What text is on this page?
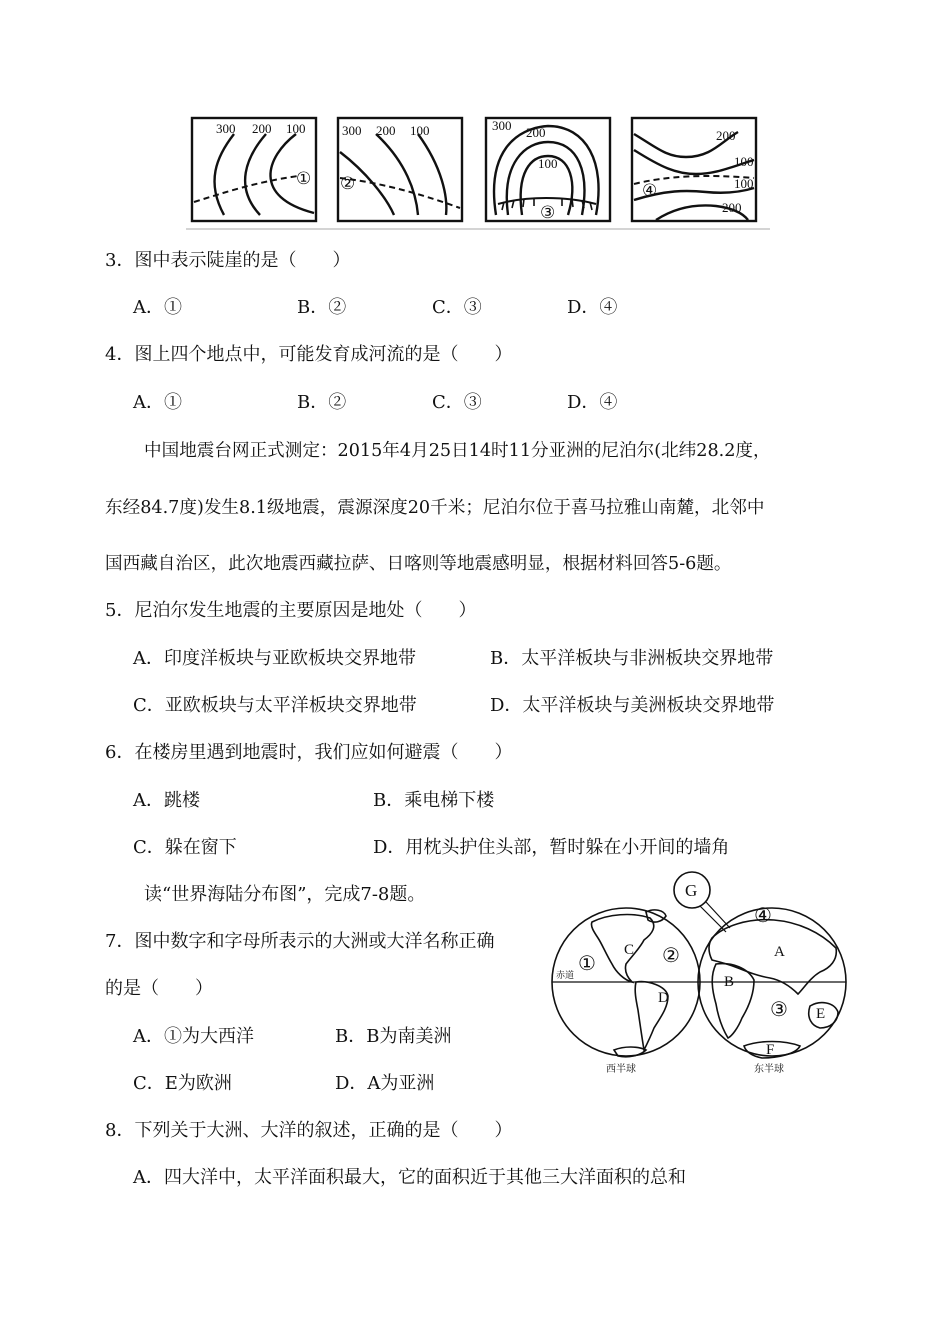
300 200 100
①
300 200 100
②
300 200
100
③
200
100
100
200
④
3．图中表示陡崖的是（　　）
A．①	B．②	C．③	D．④
4．图上四个地点中，可能发育成河流的是（　　）
A．①	B．②	C．③	D．④
中国地震台网正式测定：2015年4月25日14时11分亚洲的尼泊尔(北纬28.2度，
东经84.7度)发生8.1级地震，震源深度20千米；尼泊尔位于喜马拉雅山南麓，北邻中
国西藏自治区，此次地震西藏拉萨、日喀则等地震感明显，根据材料回答5-6题。
5．尼泊尔发生地震的主要原因是地处（　　）
A．印度洋板块与亚欧板块交界地带	B．太平洋板块与非洲板块交界地带
C．亚欧板块与太平洋板块交界地带	D．太平洋板块与美洲板块交界地带
6．在楼房里遇到地震时，我们应如何避震（　　）
A．跳楼	B．乘电梯下楼
C．躲在窗下	D．用枕头护住头部，暂时躲在小开间的墙角
读“世界海陆分布图”，完成7-8题。
7．图中数字和字母所表示的大洲或大洋名称正确
的是（　　）
A．①为大西洋	B．B为南美洲
C．E为欧洲	D．A为亚洲
赤道
西半球	东半球
①	②
C
D
G
④
A
B
③ E
F
8．下列关于大洲、大洋的叙述，正确的是（　　）
A．四大洋中，太平洋面积最大，它的面积近于其他三大洋面积的总和
